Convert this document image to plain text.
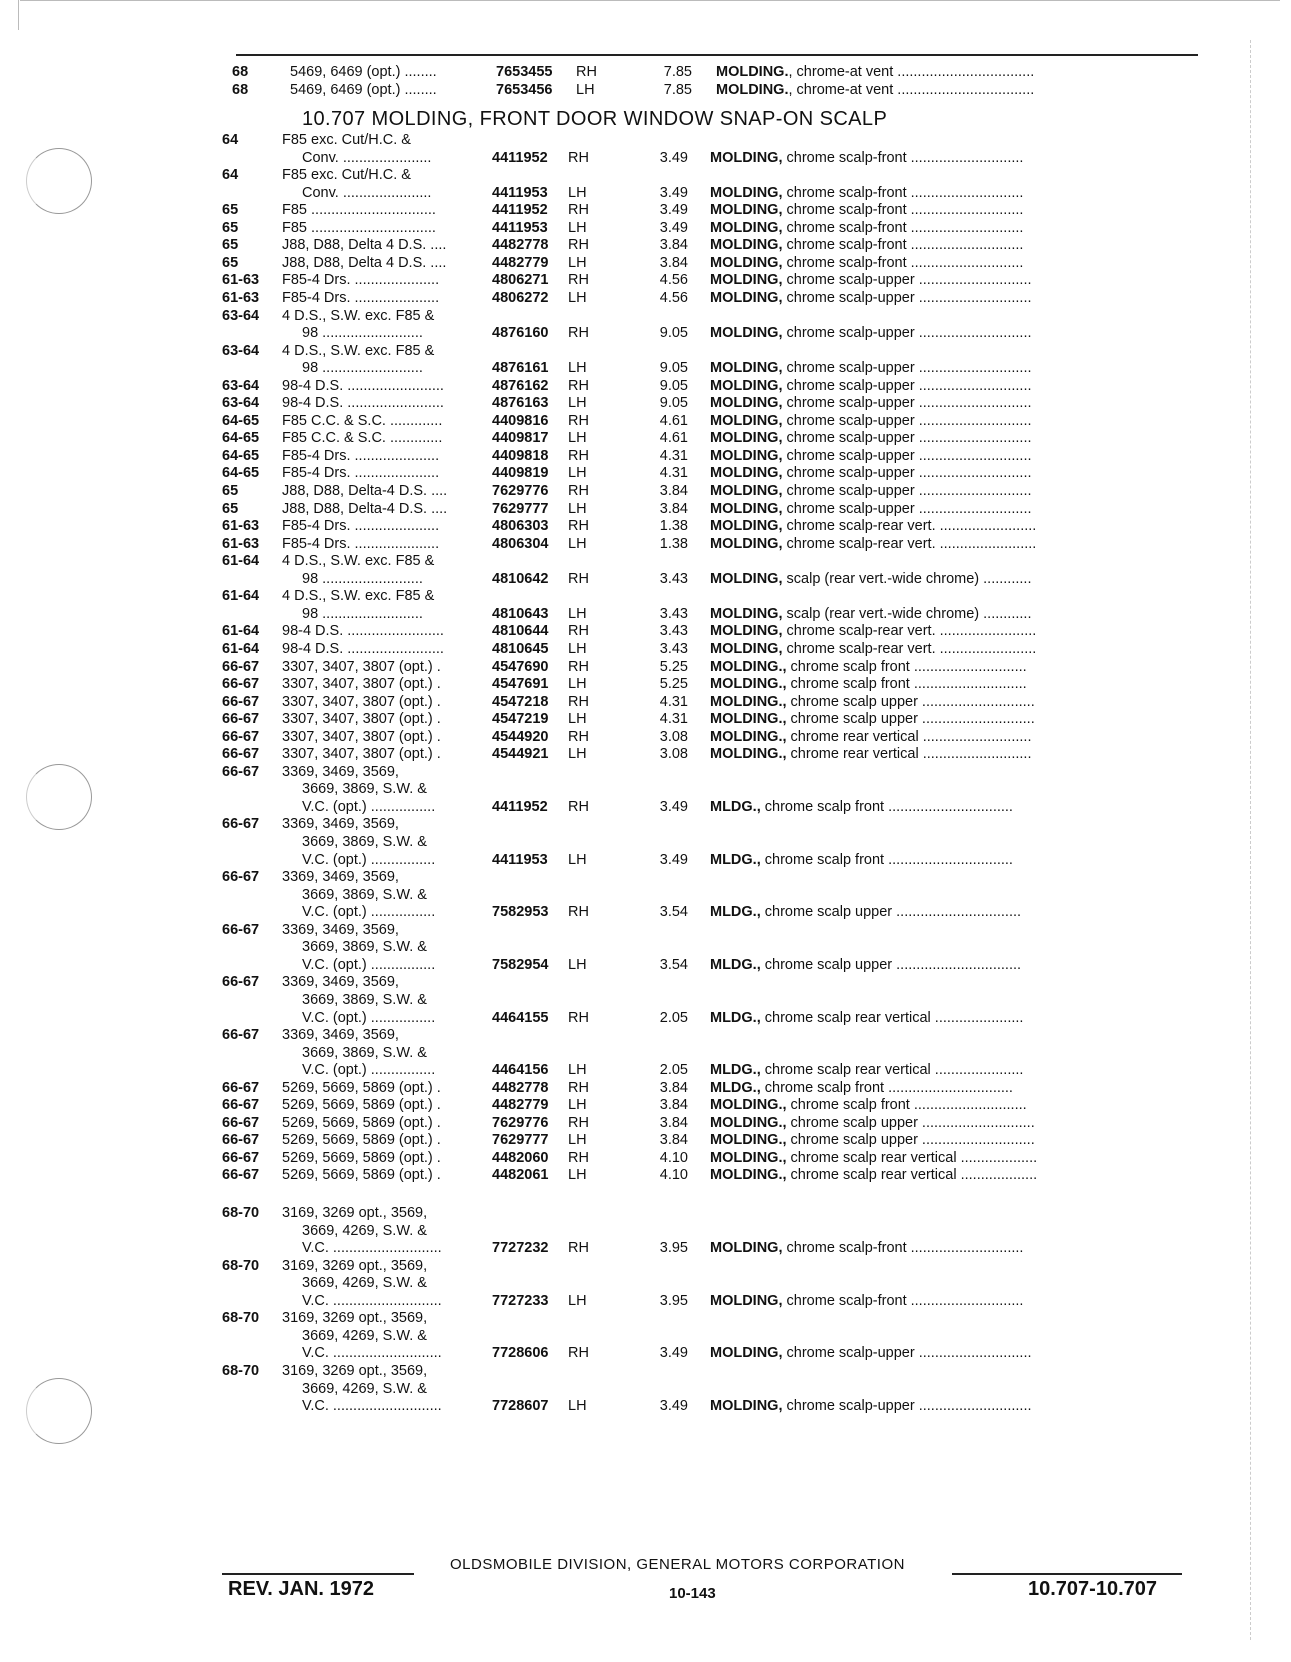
68	5469, 6469 (opt.) ........	7653455 RH	7.85 MOLDING., chrome-at vent ..................................
68	5469, 6469 (opt.) ........	7653456 LH	7.85 MOLDING., chrome-at vent ..................................
10.707 MOLDING, FRONT DOOR WINDOW SNAP-ON SCALP
64	F85 exc. Cut/H.C. &
Conv. ......................	4411952 RH	3.49 MOLDING, chrome scalp-front ............................
64	F85 exc. Cut/H.C. &
Conv. ......................	4411953 LH	3.49 MOLDING, chrome scalp-front ............................
65	F85 ...............................	4411952 RH	3.49 MOLDING, chrome scalp-front ............................
65	F85 ...............................	4411953 LH	3.49 MOLDING, chrome scalp-front ............................
65	J88, D88, Delta 4 D.S. ....	4482778 RH	3.84 MOLDING, chrome scalp-front ............................
65	J88, D88, Delta 4 D.S. ....	4482779 LH	3.84 MOLDING, chrome scalp-front ............................
61-63 F85-4 Drs. .....................	4806271 RH	4.56 MOLDING, chrome scalp-upper ............................
61-63 F85-4 Drs. .....................	4806272 LH	4.56 MOLDING, chrome scalp-upper ............................
63-64 4 D.S., S.W. exc. F85 &
98 .........................	4876160 RH	9.05 MOLDING, chrome scalp-upper ............................
63-64 4 D.S., S.W. exc. F85 &
98 .........................	4876161 LH	9.05 MOLDING, chrome scalp-upper ............................
63-64 98-4 D.S. ........................	4876162 RH	9.05 MOLDING, chrome scalp-upper ............................
63-64 98-4 D.S. ........................	4876163 LH	9.05 MOLDING, chrome scalp-upper ............................
64-65 F85 C.C. & S.C. .............	4409816 RH	4.61 MOLDING, chrome scalp-upper ............................
64-65 F85 C.C. & S.C. .............	4409817 LH	4.61 MOLDING, chrome scalp-upper ............................
64-65 F85-4 Drs. .....................	4409818 RH	4.31 MOLDING, chrome scalp-upper ............................
64-65 F85-4 Drs. .....................	4409819 LH	4.31 MOLDING, chrome scalp-upper ............................
65	J88, D88, Delta-4 D.S. ....	7629776 RH	3.84 MOLDING, chrome scalp-upper ............................
65	J88, D88, Delta-4 D.S. ....	7629777 LH	3.84 MOLDING, chrome scalp-upper ............................
61-63 F85-4 Drs. .....................	4806303 RH	1.38 MOLDING, chrome scalp-rear vert. ........................
61-63 F85-4 Drs. .....................	4806304 LH	1.38 MOLDING, chrome scalp-rear vert. ........................
61-64 4 D.S., S.W. exc. F85 &
98 .........................	4810642 RH	3.43 MOLDING, scalp (rear vert.-wide chrome) ............
61-64 4 D.S., S.W. exc. F85 &
98 .........................	4810643 LH	3.43 MOLDING, scalp (rear vert.-wide chrome) ............
61-64 98-4 D.S. ........................	4810644 RH	3.43 MOLDING, chrome scalp-rear vert. ........................
61-64 98-4 D.S. ........................	4810645 LH	3.43 MOLDING, chrome scalp-rear vert. ........................
66-67 3307, 3407, 3807 (opt.) .	4547690 RH	5.25 MOLDING., chrome scalp front ............................
66-67 3307, 3407, 3807 (opt.) .	4547691 LH	5.25 MOLDING., chrome scalp front ............................
66-67 3307, 3407, 3807 (opt.) .	4547218 RH	4.31 MOLDING., chrome scalp upper ............................
66-67 3307, 3407, 3807 (opt.) .	4547219 LH	4.31 MOLDING., chrome scalp upper ............................
66-67 3307, 3407, 3807 (opt.) .	4544920 RH	3.08 MOLDING., chrome rear vertical ...........................
66-67 3307, 3407, 3807 (opt.) .	4544921 LH	3.08 MOLDING., chrome rear vertical ...........................
66-67 3369, 3469, 3569,
3669, 3869, S.W. &
V.C. (opt.) ................	4411952 RH	3.49 MLDG., chrome scalp front ...............................
66-67 3369, 3469, 3569,
3669, 3869, S.W. &
V.C. (opt.) ................	4411953 LH	3.49 MLDG., chrome scalp front ...............................
66-67 3369, 3469, 3569,
3669, 3869, S.W. &
V.C. (opt.) ................	7582953 RH	3.54 MLDG., chrome scalp upper ...............................
66-67 3369, 3469, 3569,
3669, 3869, S.W. &
V.C. (opt.) ................	7582954 LH	3.54 MLDG., chrome scalp upper ...............................
66-67 3369, 3469, 3569,
3669, 3869, S.W. &
V.C. (opt.) ................	4464155 RH	2.05 MLDG., chrome scalp rear vertical ......................
66-67 3369, 3469, 3569,
3669, 3869, S.W. &
V.C. (opt.) ................	4464156 LH	2.05 MLDG., chrome scalp rear vertical ......................
66-67 5269, 5669, 5869 (opt.) .	4482778 RH	3.84 MLDG., chrome scalp front ...............................
66-67 5269, 5669, 5869 (opt.) .	4482779 LH	3.84 MOLDING., chrome scalp front ............................
66-67 5269, 5669, 5869 (opt.) .	7629776 RH	3.84 MOLDING., chrome scalp upper ............................
66-67 5269, 5669, 5869 (opt.) .	7629777 LH	3.84 MOLDING., chrome scalp upper ............................
66-67 5269, 5669, 5869 (opt.) .	4482060 RH	4.10 MOLDING., chrome scalp rear vertical ...................
66-67 5269, 5669, 5869 (opt.) .	4482061 LH	4.10 MOLDING., chrome scalp rear vertical ...................
68-70 3169, 3269 opt., 3569,
3669, 4269, S.W. &
V.C. ...........................	7727232 RH	3.95 MOLDING, chrome scalp-front ............................
68-70 3169, 3269 opt., 3569,
3669, 4269, S.W. &
V.C. ...........................	7727233 LH	3.95 MOLDING, chrome scalp-front ............................
68-70 3169, 3269 opt., 3569,
3669, 4269, S.W. &
V.C. ...........................	7728606 RH	3.49 MOLDING, chrome scalp-upper ............................
68-70 3169, 3269 opt., 3569,
3669, 4269, S.W. &
V.C. ...........................	7728607 LH	3.49 MOLDING, chrome scalp-upper ............................
OLDSMOBILE DIVISION, GENERAL MOTORS CORPORATION
REV. JAN. 1972	10-143	10.707-10.707
